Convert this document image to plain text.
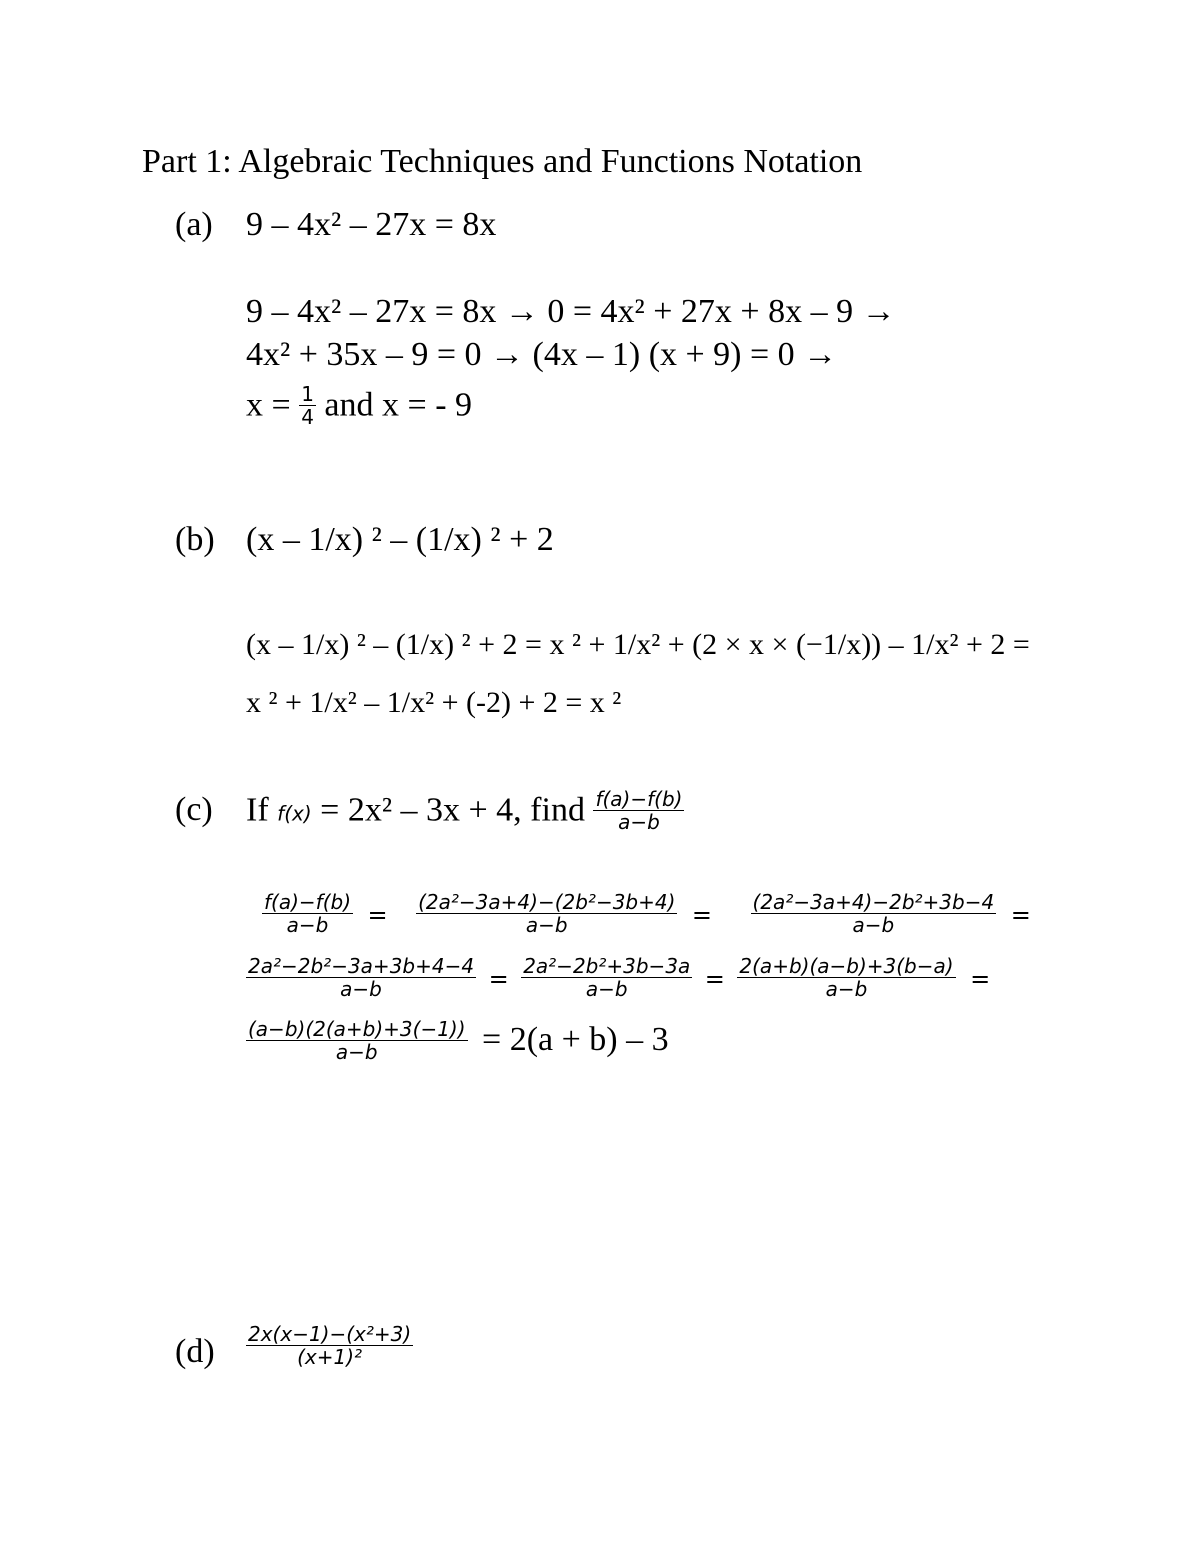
Part 1: Algebraic Techniques and Functions Notation
(a) 9 – 4x² – 27x = 8x
9 – 4x² – 27x = 8x → 0 = 4x² + 27x + 8x – 9 →
4x² + 35x – 9 = 0 → (4x – 1) (x + 9) = 0 →
$x = \frac{1}{4}$ and x = - 9
(b) (x – 1/x) ² – (1/x) ² + 2
(x – 1/x) ² – (1/x) ² + 2 = x ² + 1/x² + (2 × x × (−1/x)) – 1/x² + 2 =
x ² + 1/x² – 1/x² + (-2) + 2 = x ²
(c) If f(x) = 2x² – 3x + 4, find $\frac{f(a)-f(b)}{a-b}$
$\frac{f(a)-f(b)}{a-b} = \frac{\text{(2a²−3a+4)−(2b²−3b+4)}}{a-b} = \frac{\text{(2a²−3a+4)−2b²+3b−4}}{a-b}$ =
$\frac{\text{2a²−2b²−3a+3b+4−4}}{a-b} = \frac{\text{2a²−2b²+3b−3a}}{a-b} = \frac{2(a+b)(a-b)+3(b-a)}{a-b}$ =
$\frac{(a-b)(2(a+b)+3(-1))}{a-b} = 2(a + b) - 3$
$(d) \frac{\text{2x(x−1)−(x²+3)}}{\text{(x+1)²}}$
